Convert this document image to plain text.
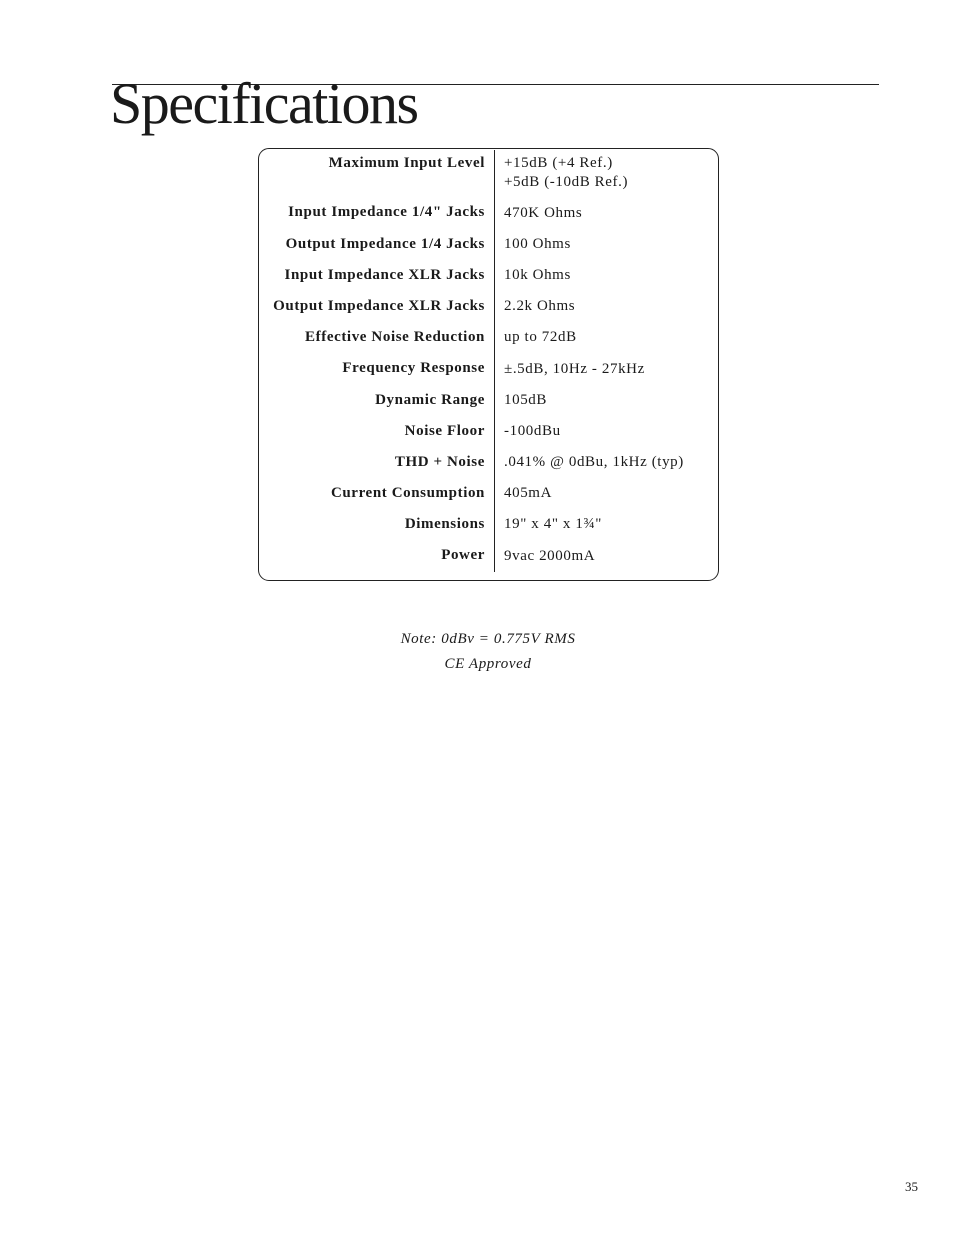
Specifications
Maximum Input Level +15dB (+4 Ref.)
+5dB (-10dB Ref.)
Input Impedance 1/4" Jacks 470K Ohms
Output Impedance 1/4 Jacks 100 Ohms
Input Impedance XLR Jacks 10k Ohms
Output Impedance XLR Jacks 2.2k Ohms
Effective Noise Reduction up to 72dB
Frequency Response ±.5dB, 10Hz - 27kHz
Dynamic Range 105dB
Noise Floor -100dBu
THD + Noise .041% @ 0dBu, 1kHz (typ)
Current Consumption 405mA
Dimensions 19" x 4" x 1¾"
Power 9vac 2000mA
Note: 0dBv = 0.775V RMS
CE Approved
35
